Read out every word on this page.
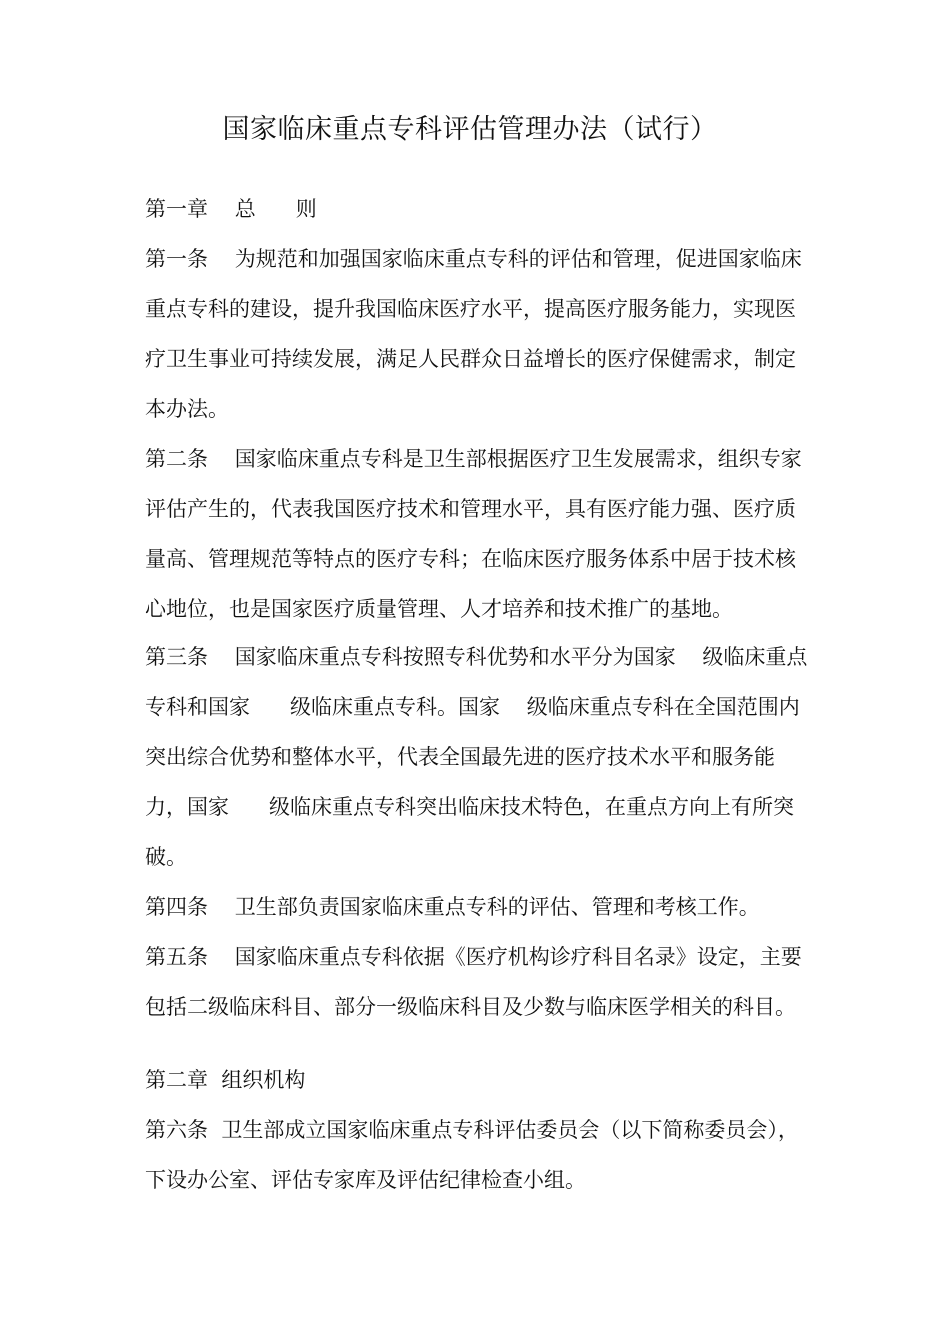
国家临床重点专科评估管理办法（试行）

第一章    总      则

第一条    为规范和加强国家临床重点专科的评估和管理，促进国家临床

重点专科的建设，提升我国临床医疗水平，提高医疗服务能力，实现医

疗卫生事业可持续发展，满足人民群众日益增长的医疗保健需求，制定

本办法。

第二条    国家临床重点专科是卫生部根据医疗卫生发展需求，组织专家

评估产生的，代表我国医疗技术和管理水平，具有医疗能力强、医疗质

量高、管理规范等特点的医疗专科；在临床医疗服务体系中居于技术核

心地位，也是国家医疗质量管理、人才培养和技术推广的基地。

第三条    国家临床重点专科按照专科优势和水平分为国家    级临床重点

专科和国家      级临床重点专科。国家    级临床重点专科在全国范围内

突出综合优势和整体水平，代表全国最先进的医疗技术水平和服务能

力，国家      级临床重点专科突出临床技术特色，在重点方向上有所突

破。

第四条    卫生部负责国家临床重点专科的评估、管理和考核工作。

第五条    国家临床重点专科依据《医疗机构诊疗科目名录》设定，主要

包括二级临床科目、部分一级临床科目及少数与临床医学相关的科目。

第二章  组织机构

第六条  卫生部成立国家临床重点专科评估委员会（以下简称委员会），

下设办公室、评估专家库及评估纪律检查小组。
